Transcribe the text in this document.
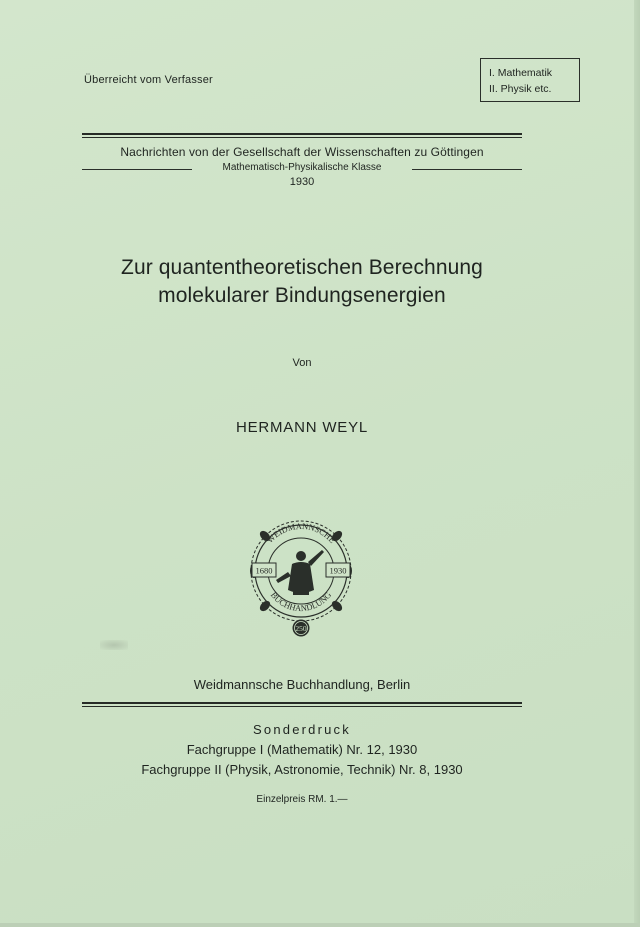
Überreicht vom Verfasser
I. Mathematik
II. Physik etc.
Nachrichten von der Gesellschaft der Wissenschaften zu Göttingen
Mathematisch-Physikalische Klasse
1930
Zur quantentheoretischen Berechnung
molekularer Bindungsenergien
Von
HERMANN WEYL
WEIDMANNSCHE
BUCHHANDLUNG
1680	1930
250
Weidmannsche Buchhandlung, Berlin
Sonderdruck
Fachgruppe I (Mathematik) Nr. 12, 1930
Fachgruppe II (Physik, Astronomie, Technik) Nr. 8, 1930
Einzelpreis RM. 1.—
